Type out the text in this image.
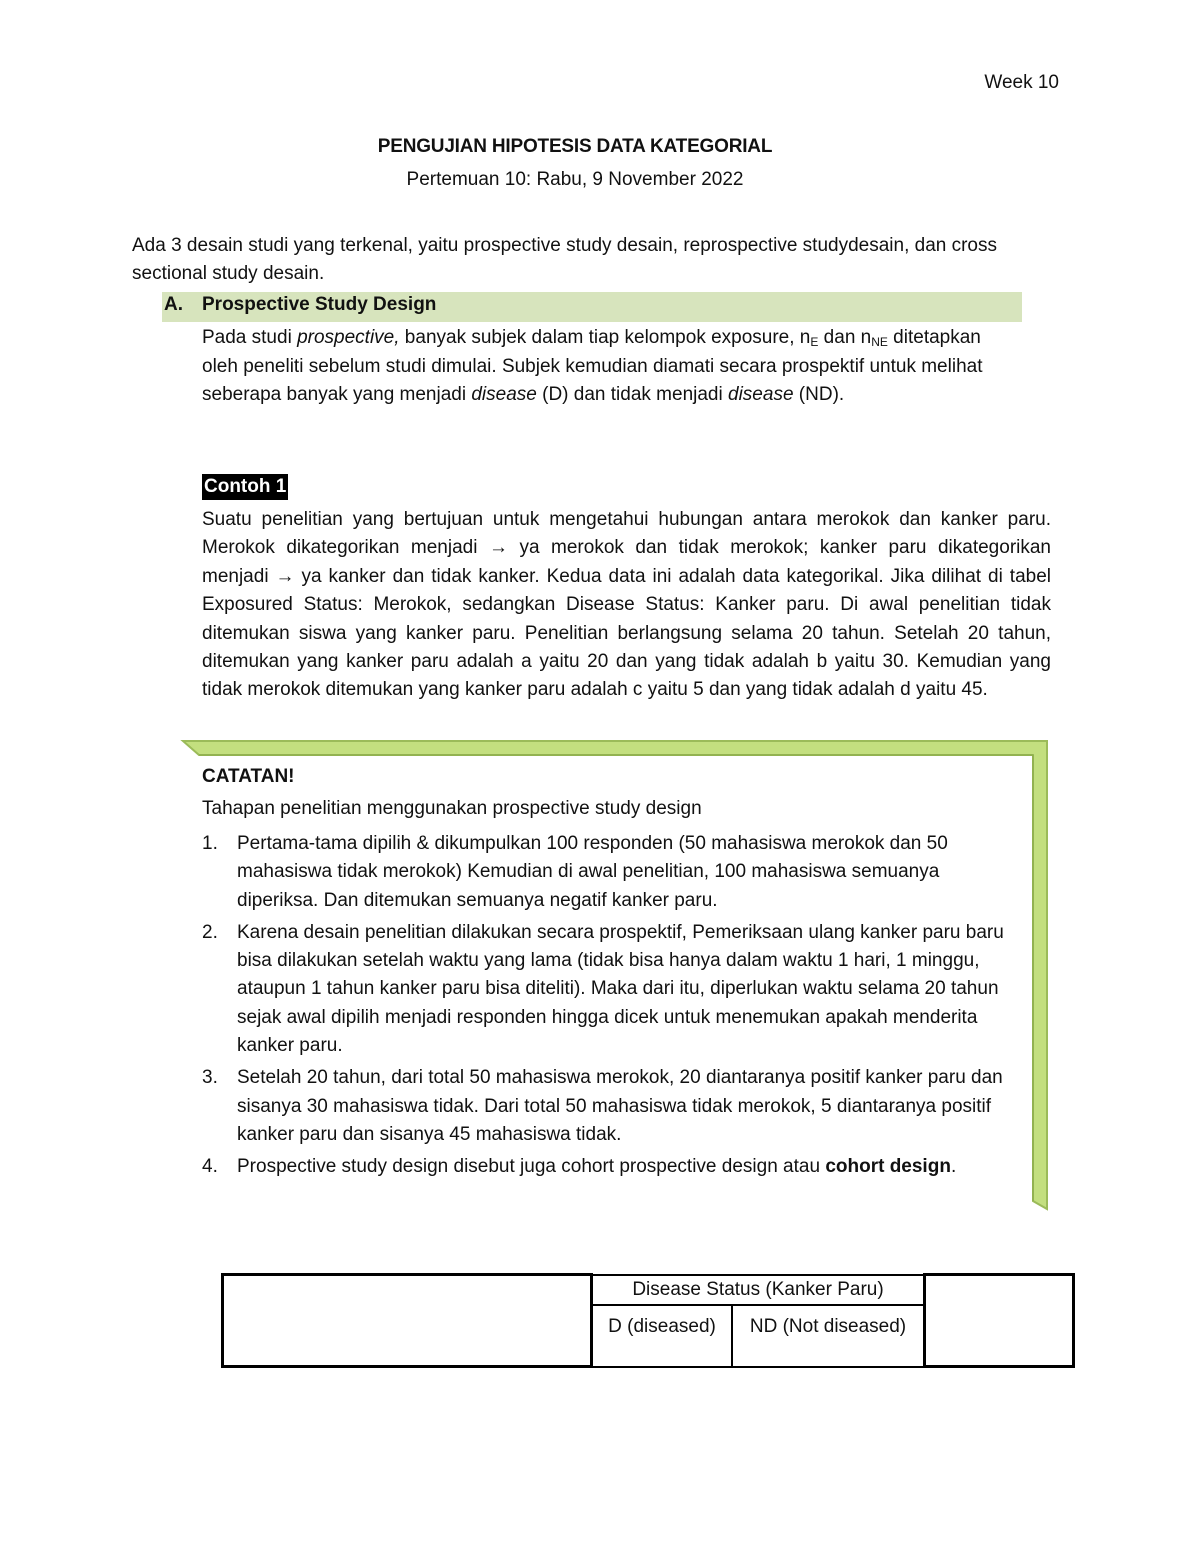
Week 10
PENGUJIAN HIPOTESIS DATA KATEGORIAL
Pertemuan 10: Rabu, 9 November 2022
Ada 3 desain studi yang terkenal, yaitu prospective study desain, reprospective studydesain, dan cross sectional study desain.
A. Prospective Study Design
Pada studi prospective, banyak subjek dalam tiap kelompok exposure, $n_E$ dan $n_{NE}$ ditetapkan oleh peneliti sebelum studi dimulai. Subjek kemudian diamati secara prospektif untuk melihat seberapa banyak yang menjadi disease (D) dan tidak menjadi disease (ND).
Contoh 1
Suatu penelitian yang bertujuan untuk mengetahui hubungan antara merokok dan kanker paru. Merokok dikategorikan menjadi → ya merokok dan tidak merokok; kanker paru dikategorikan menjadi → ya kanker dan tidak kanker. Kedua data ini adalah data kategorikal. Jika dilihat di tabel Exposured Status: Merokok, sedangkan Disease Status: Kanker paru. Di awal penelitian tidak ditemukan siswa yang kanker paru. Penelitian berlangsung selama 20 tahun. Setelah 20 tahun, ditemukan yang kanker paru adalah a yaitu 20 dan yang tidak adalah b yaitu 30. Kemudian yang tidak merokok ditemukan yang kanker paru adalah c yaitu 5 dan yang tidak adalah d yaitu 45.
CATATAN!
Tahapan penelitian menggunakan prospective study design
1. Pertama-tama dipilih & dikumpulkan 100 responden (50 mahasiswa merokok dan 50 mahasiswa tidak merokok) Kemudian di awal penelitian, 100 mahasiswa semuanya diperiksa. Dan ditemukan semuanya negatif kanker paru.
2. Karena desain penelitian dilakukan secara prospektif, Pemeriksaan ulang kanker paru baru bisa dilakukan setelah waktu yang lama (tidak bisa hanya dalam waktu 1 hari, 1 minggu, ataupun 1 tahun kanker paru bisa diteliti). Maka dari itu, diperlukan waktu selama 20 tahun sejak awal dipilih menjadi responden hingga dicek untuk menemukan apakah menderita kanker paru.
3. Setelah 20 tahun, dari total 50 mahasiswa merokok, 20 diantaranya positif kanker paru dan sisanya 30 mahasiswa tidak. Dari total 50 mahasiswa tidak merokok, 5 diantaranya positif kanker paru dan sisanya 45 mahasiswa tidak.
4. Prospective study design disebut juga cohort prospective design atau cohort design.
	Disease Status (Kanker Paru)		
	D (diseased)	ND (Not diseased)	
